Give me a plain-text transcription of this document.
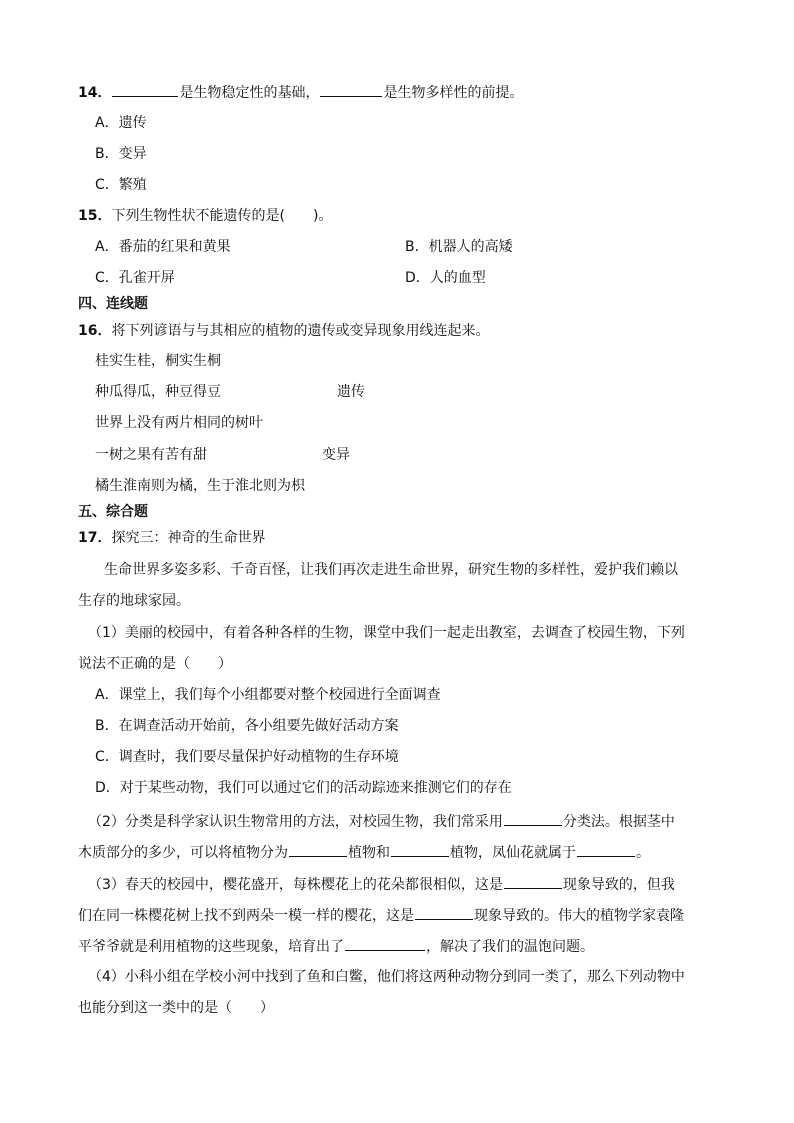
14．	是生物稳定性的基础，	是生物多样性的前提。
A．遗传
B．变异
C．繁殖
15．下列生物性状不能遗传的是(　　)。
A．番茄的红果和黄果	B．机器人的高矮
C．孔雀开屏	D．人的血型
四、连线题
16．将下列谚语与与其相应的植物的遗传或变异现象用线连起来。
桂实生桂，桐实生桐
种瓜得瓜，种豆得豆	遗传
世界上没有两片相同的树叶
一树之果有苦有甜	变异
橘生淮南则为橘，生于淮北则为枳
五、综合题
17．探究三：神奇的生命世界
生命世界多姿多彩、千奇百怪，让我们再次走进生命世界，研究生物的多样性，爱护我们赖以
生存的地球家园。
（1）美丽的校园中，有着各种各样的生物，课堂中我们一起走出教室，去调查了校园生物，下列
说法不正确的是（　　）
A．课堂上，我们每个小组都要对整个校园进行全面调查
B．在调查活动开始前，各小组要先做好活动方案
C．调查时，我们要尽量保护好动植物的生存环境
D．对于某些动物，我们可以通过它们的活动踪迹来推测它们的存在
（2）分类是科学家认识生物常用的方法，对校园生物，我们常采用	分类法。根据茎中
木质部分的多少，可以将植物分为	植物和	植物，凤仙花就属于	。
（3）春天的校园中，樱花盛开，每株樱花上的花朵都很相似，这是	现象导致的，但我
们在同一株樱花树上找不到两朵一模一样的樱花，这是	现象导致的。伟大的植物学家袁隆
平爷爷就是利用植物的这些现象，培育出了	，解决了我们的温饱问题。
（4）小科小组在学校小河中找到了鱼和白鳖，他们将这两种动物分到同一类了，那么下列动物中
也能分到这一类中的是（　　）
